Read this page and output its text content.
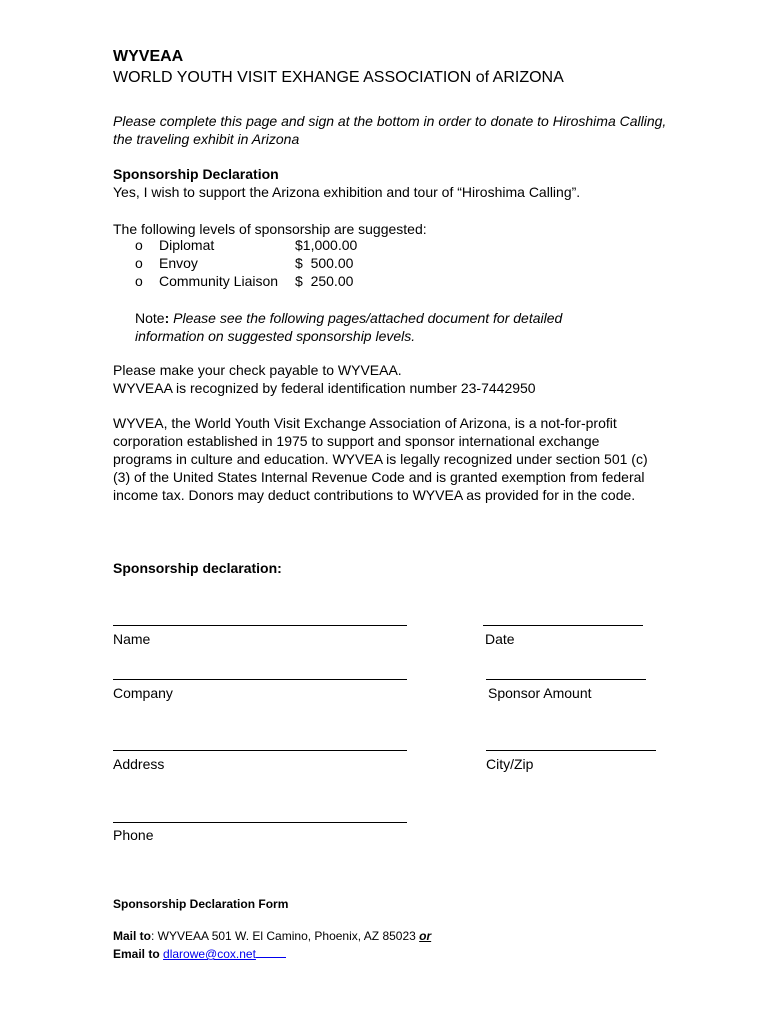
WYVEAA
WORLD YOUTH VISIT EXHANGE ASSOCIATION of ARIZONA
Please complete this page and sign at the bottom in order to donate to Hiroshima Calling, the traveling exhibit in Arizona
Sponsorship Declaration
Yes, I wish to support the Arizona exhibition and tour of “Hiroshima Calling”.
The following levels of sponsorship are suggested:
o Diplomat	$1,000.00
o Envoy	$  500.00
o Community Liaison $  250.00
Note: Please see the following pages/attached document for detailed information on suggested sponsorship levels.
Please make your check payable to WYVEAA.
WYVEAA is recognized by federal identification number 23-7442950
WYVEA, the World Youth Visit Exchange Association of Arizona, is a not-for-profit corporation established in 1975 to support and sponsor international exchange programs in culture and education. WYVEA is legally recognized under section 501 (c)(3) of the United States Internal Revenue Code and is granted exemption from federal income tax. Donors may deduct contributions to WYVEA as provided for in the code.
Sponsorship declaration:
Name	Date
Company	Sponsor Amount
Address	City/Zip
Phone
Sponsorship Declaration Form
Mail to: WYVEAA 501 W. El Camino, Phoenix, AZ 85023 or
Email to dlarowe@cox.net
